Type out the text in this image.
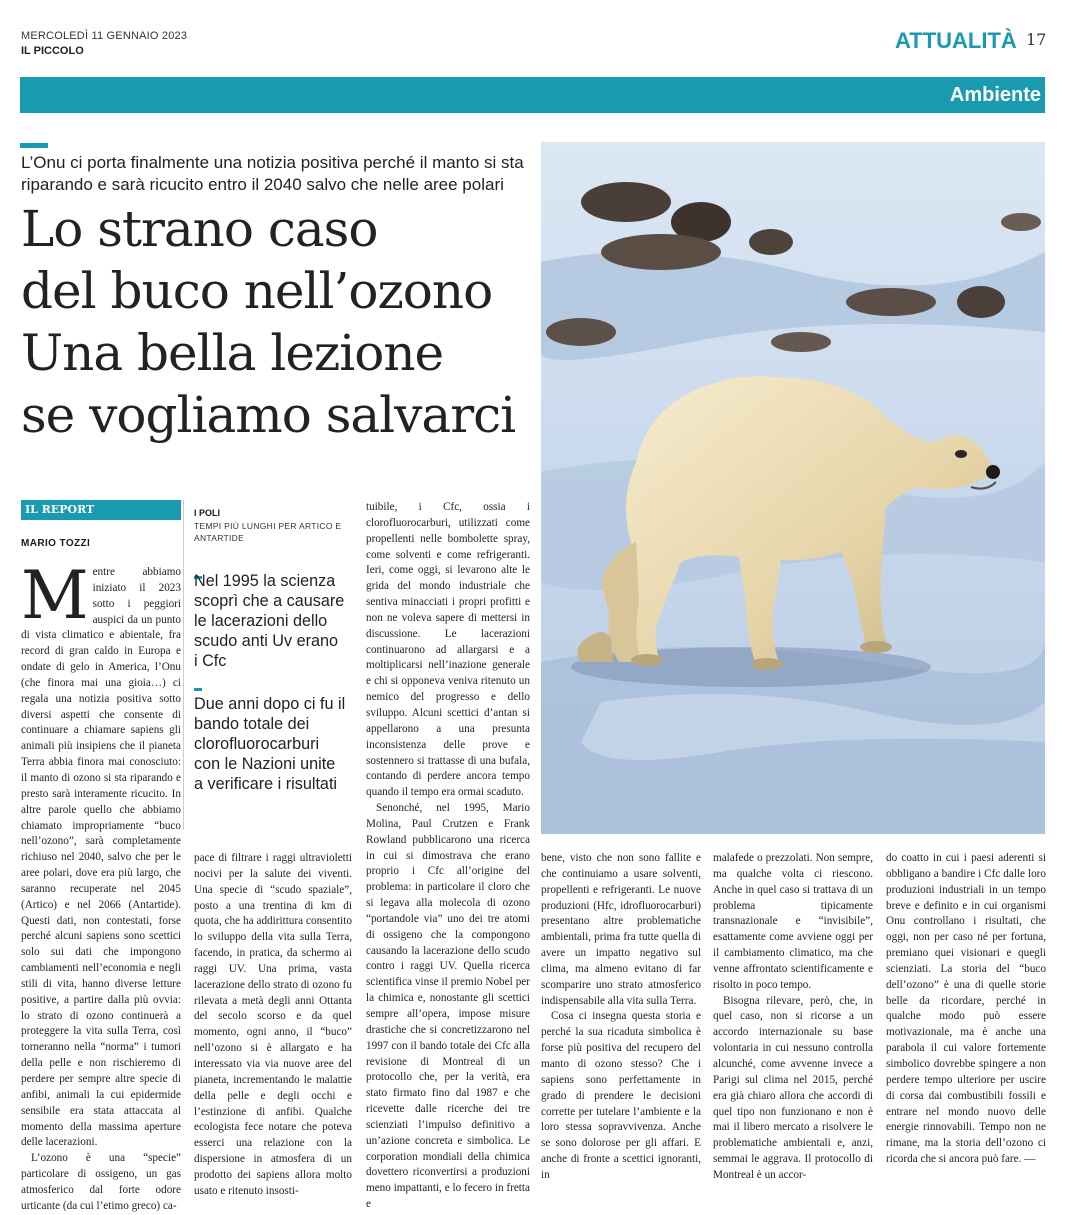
MERCOLEDÌ 11 GENNAIO 2023
IL PICCOLO	ATTUALITÀ 17
Ambiente
L’Onu ci porta finalmente una notizia positiva perché il manto si sta riparando e sarà ricucito entro il 2040 salvo che nelle aree polari
Lo strano caso
del buco nell’ozono
Una bella lezione
se vogliamo salvarci
IL REPORT
MARIO TOZZI

Mentre abbiamo iniziato il 2023 sotto i peggiori auspici da un punto di vista climatico e abientale, fra record di gran caldo in Europa e ondate di gelo in America, l’Onu (che finora mai una gioia…) ci regala una notizia positiva sotto diversi aspetti che consente di continuare a chiamare sapiens gli animali più insipiens che il pianeta Terra abbia finora mai conosciuto: il manto di ozono si sta riparando e presto sarà interamente ricucito. In altre parole quello che abbiamo chiamato impropriamente “buco nell’ozono”, sarà completamente richiuso nel 2040, salvo che per le aree polari, dove era più largo, che saranno recuperate nel 2045 (Artico) e nel 2066 (Antartide). Questi dati, non contestati, forse perché alcuni sapiens sono scettici solo sui dati che impongono cambiamenti nell’economia e negli stili di vita, hanno diverse letture positive, a partire dalla più ovvia: lo strato di ozono continuerà a proteggere la vita sulla Terra, così torneranno nella “norma” i tumori della pelle e non rischieremo di perdere per sempre altre specie di anfibi, animali la cui epidermide sensibile era stata attaccata al momento della massima aperture delle lacerazioni.

L’ozono è una “specie” particolare di ossigeno, un gas atmosferico dal forte odore urticante (da cui l’etimo greco) ca-

I POLI
TEMPI PIÙ LUNGHI PER ARTICO E ANTARTIDE
Nel 1995 la scienza scoprì che a causare le lacerazioni dello scudo anti Uv erano i Cfc
Due anni dopo ci fu il bando totale dei clorofluorocarburi con le Nazioni unite a verificare i risultati

pace di filtrare i raggi ultravioletti nocivi per la salute dei viventi. Una specie di “scudo spaziale”, posto a una trentina di km di quota, che ha addirittura consentito lo sviluppo della vita sulla Terra, facendo, in pratica, da schermo ai raggi UV. Una prima, vasta lacerazione dello strato di ozono fu rilevata a metà degli anni Ottanta del secolo scorso e da quel momento, ogni anno, il “buco” nell’ozono si è allargato e ha interessato via via nuove aree del pianeta, incrementando le malattie della pelle e degli occhi e l’estinzione di anfibi. Qualche ecologista fece notare che potevа esserci una relazione con la dispersione in atmosfera di un prodotto dei sapiens allora molto usato e ritenuto insosti-

tuibile, i Cfc, ossia i clorofluorocarburi, utilizzati come propellenti nelle bombolette spray, come solventi e come refrigeranti. Ieri, come oggi, si levarono alte le grida del mondo industriale che sentiva minacciati i propri profitti e non ne voleva sapere di mettersi in discussione. Le lacerazioni continuarono ad allargarsi e a moltiplicarsi nell’inazione generale e chi si opponeva veniva ritenuto un nemico del progresso e dello sviluppo. Alcuni scettici d’antan si appellarono a una presunta inconsistenza delle prove e sostennero si trattasse di una bufala, contando di perdere ancora tempo quando il tempo era ormai scaduto.

Senonché, nel 1995, Mario Molina, Paul Crutzen e Frank Rowland pubblicarono una ricerca in cui si dimostrava che erano proprio i Cfc all’origine del problema: in particolare il cloro che si legava alla molecola di ozono “portandole via” uno dei tre atomi di ossigeno che la compongono causando la lacerazione dello scudo contro i raggi UV. Quella ricerca scientifica vinse il premio Nobel per la chimica e, nonostante gli scettici sempre all’opera, impose misure drastiche che si concretizzarono nel 1997 con il bando totale dei Cfc alla revisione di Montreal di un protocollo che, per la verità, era stato firmato fino dal 1987 e che ricevette dalle ricerche dei tre scienziati l’impulso definitivo a un’azione concreta e simbolica. Le corporation mondiali della chimica dovettero riconvertirsi a produzioni meno impattanti, e lo fecero in fretta e

bene, visto che non sono fallite e che continuiamo a usare solventi, propellenti e refrigeranti. Le nuove produzioni (Hfc, idrofluorocarburi) presentano altre problematiche ambientali, prima fra tutte quella di avere un impatto negativo sul clima, ma almeno evitano di far scomparire uno strato atmosferico indispensabile alla vita sulla Terra.

Cosa ci insegna questa storia e perché la sua ricaduta simbolica è forse più positiva del recupero del manto di ozono stesso? Che i sapiens sono perfettamente in grado di prendere le decisioni corrette per tutelare l’ambiente e la loro stessa sopravvivenza. Anche se sono dolorose per gli affari. E anche di fronte a scettici ignoranti, in

malafede o prezzolati. Non sempre, ma qualche volta ci riescono. Anche in quel caso si trattava di un problema tipicamente transnazionale e “invisibile”, esattamente come avviene oggi per il cambiamento climatico, ma che venne affrontato scientificamente e risolto in poco tempo.

Bisogna rilevare, però, che, in quel caso, non si ricorse a un accordo internazionale su base volontaria in cui nessuno controlla alcunché, come avvenne invece a Parigi sul clima nel 2015, perché era già chiaro allora che accordi di quel tipo non funzionano e non è mai il libero mercato a risolvere le problematiche ambientali e, anzi, semmai le aggrava. Il protocollo di Montreal è un accor-

do coatto in cui i paesi aderenti si obbligano a bandire i Cfc dalle loro produzioni industriali in un tempo breve e definito e in cui organismi Onu controllano i risultati, che oggi, non per caso né per fortuna, premiano quei visionari e quegli scienziati. La storia del “buco dell’ozono” è una di quelle storie belle da ricordare, perché in qualche modo può essere motivazionale, ma è anche una parabola il cui valore fortemente simbolico dovrebbe spingere a non perdere tempo ulteriore per uscire di corsa dai combustibili fossili e entrare nel mondo nuovo delle energie rinnovabili. Tempo non ne rimane, ma la storia dell’ozono ci ricorda che si ancora può fare. —
